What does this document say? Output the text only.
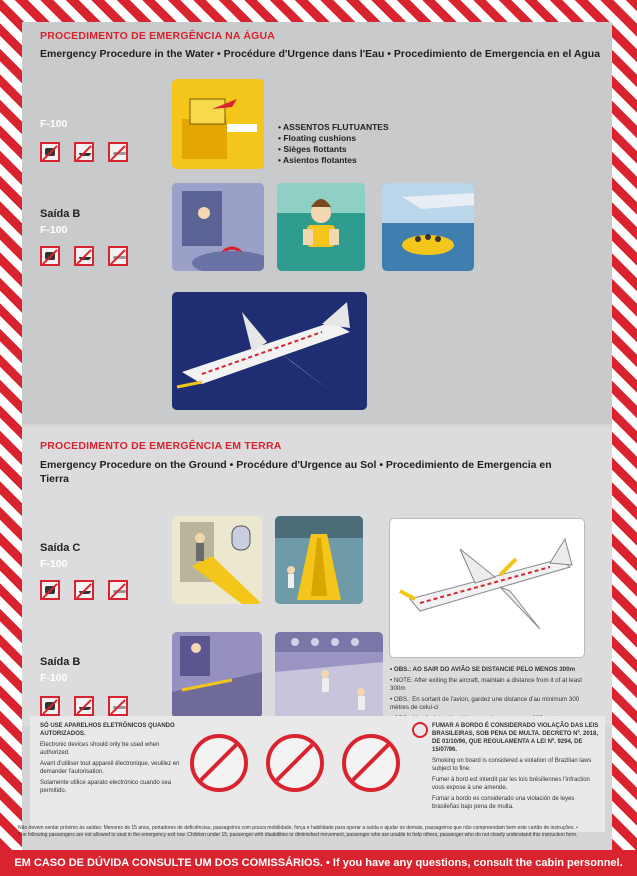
PROCEDIMENTO DE EMERGÊNCIA NA ÁGUA
Emergency Procedure in the Water • Procédure d'Urgence dans l'Eau • Procedimiento de Emergencia en el Agua
F-100	• ASSENTOS FLUTUANTES
• Floating cushions
• Sièges flottants
• Asientos flotantes
Saída B
F-100
PROCEDIMENTO DE EMERGÊNCIA EM TERRA
Emergency Procedure on the Ground • Procédure d'Urgence au Sol • Procedimiento de Emergencia en
Tierra
Saída C
F-100
Saída B
F-100

• OBS.: AO SAIR DO AVIÃO SE DISTANCIE PELO MENOS 300m

• NOTE: After exiting the aircraft, maintain a distance from it of at least 300m

• OBS.: En sortant de l'avion, gardez une distance d'au minimum 300 mètres de celui-ci

SÓ USE APARELHOS ELETRÔNICOS QUANDO AUTORIZADOS.
Electronic devices should only be used when authorized.
Avant d'utiliser tout appareil électronique, veuillez en demander l'autorisation.
Solamente utilice aparato electrónico cuando sea permitido.
FUMAR A BORDO É CONSIDERADO VIOLAÇÃO DAS LEIS BRASILEIRAS, SOB PENA DE MULTA. DECRETO Nº. 2018, DE 01/10/96, QUE REGULAMENTA A LEI Nº. 9294, DE 15/07/96.
Smoking on board is considered a violation of Brazilian laws subject to fine.
Fumer à bord est interdit par les lois brésiliennes l'infraction vous expose à une amende.
Fumar a bordo es considerado una violación de leyes brasileñas bajo pena de multa.
Não devem sentar próximo às saídas: Menores de 15 anos, portadores de deficiências, passageiros com pouca mobilidade, força e habilidade para operar a saída e ajudar os demais, passageiros que não compreendam bem este cartão de instruções. • The following passengers are not allowed to seat in the emergency exit row. Children under 15, passenger with disabilities or diminished movement, passenger who are unable to help others, passenger who do not clearly understand this instruction form.
EM CASO DE DÚVIDA CONSULTE UM DOS COMISSÁRIOS. • If you have any questions, consult the cabin personnel.
